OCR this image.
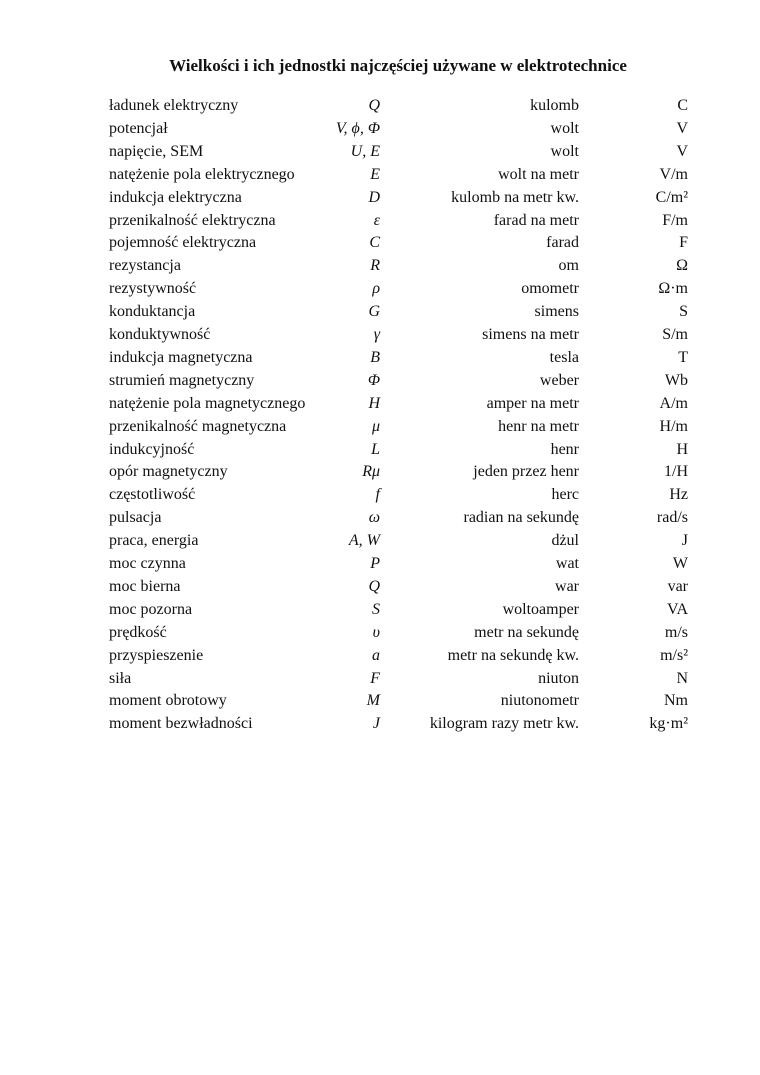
Wielkości i ich jednostki najczęściej używane w elektrotechnice
ładunek elektryczny	Q	kulomb	C
potencjał	V, ϕ, Φ	wolt	V
napięcie, SEM	U, E	wolt	V
natężenie pola elektrycznego	E	wolt na metr	V/m
indukcja elektryczna	D	kulomb na metr kw.	C/m²
przenikalność elektryczna	ε	farad na metr	F/m
pojemność elektryczna	C	farad	F
rezystancja	R	om	Ω
rezystywność	ρ	omometr	Ω·m
konduktancja	G	simens	S
konduktywność	γ	simens na metr	S/m
indukcja magnetyczna	B	tesla	T
strumień magnetyczny	Φ	weber	Wb
natężenie pola magnetycznego	H	amper na metr	A/m
przenikalność magnetyczna	μ	henr na metr	H/m
indukcyjność	L	henr	H
opór magnetyczny	Rμ	jeden przez henr	1/H
częstotliwość	f	herc	Hz
pulsacja	ω	radian na sekundę	rad/s
praca, energia	A, W	dżul	J
moc czynna	P	wat	W
moc bierna	Q	war	var
moc pozorna	S	woltoamper	VA
prędkość	υ	metr na sekundę	m/s
przyspieszenie	a	metr na sekundę kw.	m/s²
siła	F	niuton	N
moment obrotowy	M	niutonometr	Nm
moment bezwładności	J	kilogram razy metr kw.	kg·m²
